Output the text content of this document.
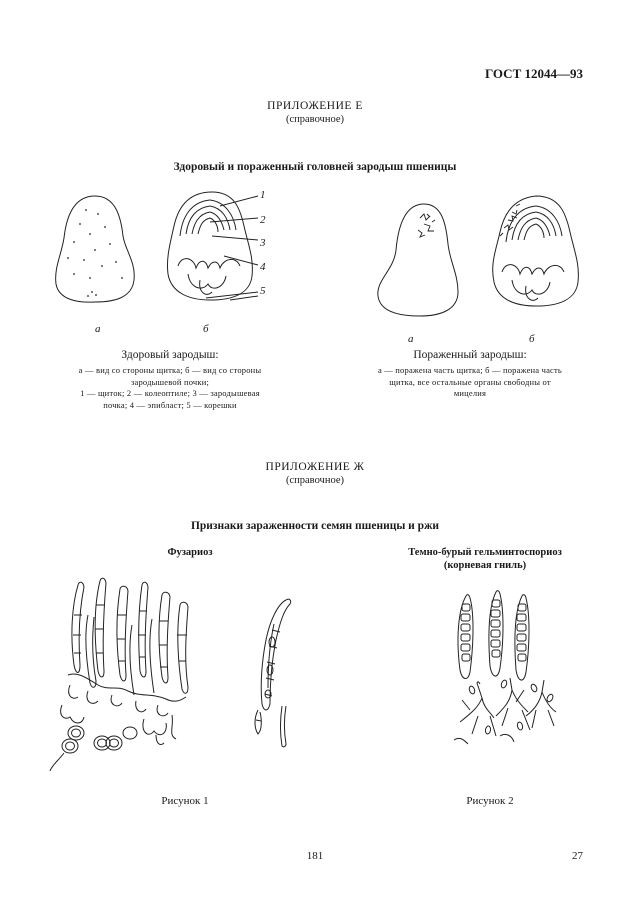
ГОСТ 12044—93
ПРИЛОЖЕНИЕ Е
(справочное)
Здоровый и пораженный головней зародыш пшеницы
1
2
3
4
5
а	б
а	б
Здоровый зародыш:
а — вид со стороны щитка; б — вид со стороны
зародышевой почки;
1 — щиток; 2 — колеоптиле; 3 — зародышевая
почка; 4 — эпибласт; 5 — корешки
Пораженный зародыш:
а — поражена часть щитка; б — поражена часть
щитка, все остальные органы свободны от
мицелия
ПРИЛОЖЕНИЕ Ж
(справочное)
Признаки зараженности семян пшеницы и ржи
Фузариоз	Темно-бурый гельминтоспориоз
(корневая гниль)
Рисунок 1	Рисунок 2
181	27
